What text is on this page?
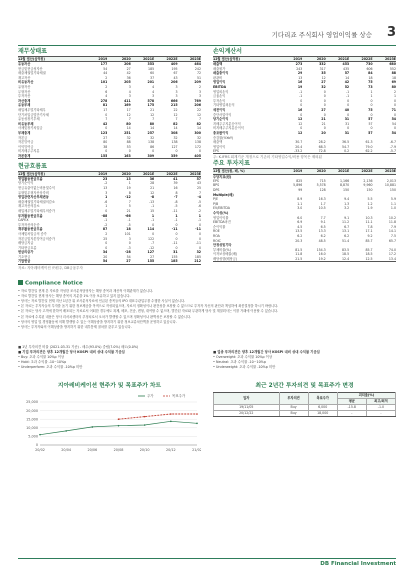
기다리죠 주식회사 영업이익률 상승 3
재무상태표
12월 결산(십억원)	2019	2020	2021E	2022E	2023E
유동자산	177	206	353	409	464
현금및현금성자산	54	27	185	195	242
매출채권및기타채권	44	42	60	67	72
재고자산	2	36	37	43	51
비유동자산	101	205	201	206	209
유형자산	2	3	4	3	2
무형자산	6	4	4	3	3
투자자산	4	3	3	3	3
자산총계	278	411	578	666	769
유동부채	81	169	175	215	206
매입채무및기타채무	17	17	21	22	22
단기차입금및단기사채	0	12	12	12	12
유동성장기부채	7	7	7	7	7
비유동부채	42	80	80	82	82
사채및장기차입금	0	14	14	14	14
부채총계	123	251	257	308	300
자본금	27	32	32	32	32
자본잉여금	80	88	138	138	138
이익잉여금	38	53	86	127	172
비지배주주지분	0	0	0	0	0
자본총계	155	163	309	359	405
현금흐름표
12월 결산(십억원)	2019	2020	2021E	2022E	2023E
영업활동현금흐름	23	13	36	41	57
당기순이익	-2	1	28	39	43
현금유출이없는비용및수익	13	19	21	16	25
유형및무형자산상각비	3	8	12	8	7
영업관련자산부채변동	1	-12	-8	-7	-4
매출채권및기타채권의감소	-6	7	-13	-8	-5
재고자산의감소	1	5	-1	-5	-6
매입채무및기타채무의증가	0	21	15	-11	-2
투자활동현금흐름	-88	-66	1	1	1
CAPEX	-1	-1	-1	-1	-1
투자자산의순증	-2	-5	0	0	0
재무활동현금흐름	87	18	114	-11	-11
사채및차입금의 증가	2	101	0	0	0
자본금및자본잉여금의증가	25	3	122	0	0
배당금지급	0	0	-7	-11	-11
기타현금흐름	0	-3	-12	0	0
현금의증가	34	-28	127	31	32
기초현금	20	54	27	155	185
기말현금	54	27	155	185	212
자료: 지아레비케이션 ㈜원주, DB금융투자
손익계산서
12월 결산(십억원)	2019	2020	2021E	2022E	2023E
매출액	273	332	453	730	680
매출원가	243	317	435	606	552
매출총이익	29	35	57	84	88
판관비	13	12	14	18	18
영업이익	16	27	42	75	69
EBITDA	19	32	52	73	80
영업외손익	-1	0	-1	1	2
금융손익	-1	0	-1	1	1
투자손익	0	0	0	0	0
기타영업외손익	0	0	0	0	0
세전이익	16	27	40	75	71
중단사업이익	0	0	0	0	0
당기순이익	12	21	31	57	54
지배주주지분순이익	12	21	31	57	54
비지배주주지분순이익	0	0	0	0	0
총포괄이익	12	20	31	57	54
증감률(%YoY)					
매출액	30.7	28.2	36.5	61.3	-6.7
영업이익	20.4	68.3	54.7	79.0	-7.9
EPS	-33.2	72.8	0.2	62.2	-5.7
주: K-IFRS 회계기준 개정으로 기존의 기타영업수익/비용 항목은 제외됨
주요 투자지표
12월 결산(원, 배, %)	2019	2020	2021E	2022E	2023E
주당지표(원)					
EPS	825	715	1,166	2,136	2,013
BPS	5,896	5,578	8,870	9,960	10,881
DPS	99	128	150	150	150
Multiple(배)					
P/E	8.9	16.3	9.4	5.5	5.9
P/B	1.1	1.7	1.3	1.2	1.1
EV/EBITDA	3.0	10.5	3.2	1.9	1.0
수익성(%)					
영업이익률	6.0	7.7	9.1	10.3	10.2
EBITDA마진	6.9	9.1	11.2	11.1	11.8
순이익률	4.5	6.5	6.7	7.8	7.9
ROE	13.5	13.3	13.1	17.1	14.1
ROA	6.2	6.2	6.2	9.2	7.5
ROIC	20.3	48.5	51.4	85.7	65.7
안정성및기타					
부채비율(%)	81.5	154.3	83.5	85.7	74.0
이자보상배율(배)	11.8	16.0	18.5	18.5	17.2
배당성향(배당금)	21.5	19.2	12.4	12.5	13.4
Compliance Notice
• 자료 발간일 현재 본 자료를 작성한 조사분석담당자는 해당 종목과 재산적 이해관계가 없습니다.
• 자료 발간일 현재 당사는 해당 종목의 지분을 1% 이상 보유하고 있지 않습니다.
• 당사는 자료 발간일 현재 지난 1년간 위 조사분석자료에 언급된 종목들의 IPO 대표주관업무를 수행한 사실이 없습니다.
• 본 자료는 투자자들의 투자를 돕기 위한 정보제공을 목적으로 작성되었으며, 자료의 정확성이나 완전성을 보장할 수 없으므로 투자자 자신의 판단과 책임하에 최종결정을 하시기 바랍니다.
• 본 자료는 당사 고객에 한하여 배포되는 자료로서 어떠한 경우에도 복제, 배포, 전송, 변형, 대여할 수 없으며, 발간된 자료와 무관하게 당사 및 계열회사는 이를 거래에 이용할 수 있습니다.
• 본 자료에 수록된 내용은 당사 리서치센터의 추정치로서 오차가 발생할 수 있으며 정확성이나 완벽성은 보장할 수 없습니다.
• 당사의 영업 및 경영활동에 의해 발생할 수 있는 이해상충을 방지하기 위한 정보교류차단벽을 운영하고 있습니다.
• 당사는 투자자와의 이해상충을 방지하기 위한 내부통제 절차를 갖추고 있습니다.
■ 1년 투자의견 비율 (2021-03-31 기준) - 매수(93.0%) 중립(7.0%) 매도(0.0%)
■ 기업 투자의견은 향후 12개월간 당사 KOSPI 대비 상대 수익률 기준임
• Buy: 초과 수익률 10%p 이상
• Hold: 초과 수익률 -10~10%p
• Underperform: 초과 수익률 -10%p 미만
■ 업종 투자의견은 향후 12개월간 당사 KOSPI 대비 상대 수익률 기준임
• Overweight: 초과 수익률 10%p 이상
• Neutral: 초과 수익률 -10~10%p
• Underweight: 초과 수익률 -10%p 미만
지아레비케이션 현주가 및 목표주가 차트	최근 2년간 투자의견 및 목표주가 변경
0
5,000
10,000
15,000
20,000
25,000
20/02	20/04	20/06	20/08	20/10	20/12	21/02
주가	목표주가
일자	투자의견	목표주가	괴리율(%)	
			평균	최고/최저
19/11/05	Buy	6,000	-15.8	-1.0
20/12/22	Buy	18,000	-	-
DB Financial Investment
